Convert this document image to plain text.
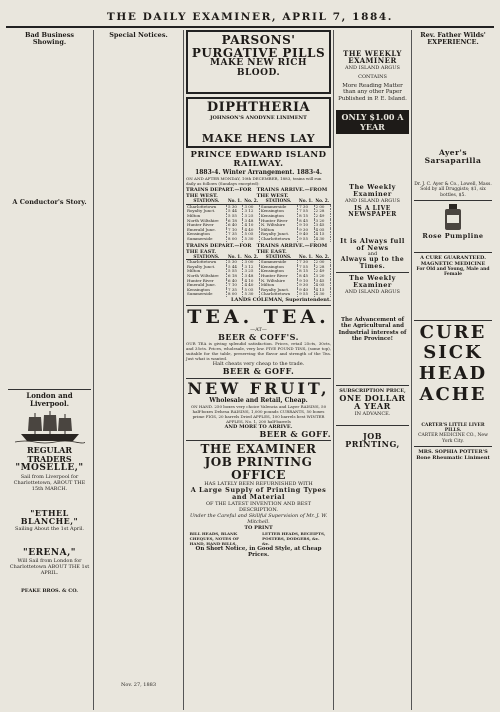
THE DAILY EXAMINER, APRIL 7, 1884.
Bad Business Showing.

A Conductor's Story.

London and Liverpool.
REGULAR TRADERS
"MOSELLE,"
Sail from Liverpool for Charlottetown, ABOUT THE 15th MARCH.

"ETHEL BLANCHE,"
Sailing About the 1st April.

"ERENA,"
Will Sail from London for Charlottetown ABOUT THE 1st APRIL.

PEAKE BROS. & CO.
Special Notices.

Nov. 27, 1883
PARSONS' PURGATIVE PILLS
MAKE NEW RICH BLOOD.

DIPHTHERIA
JOHNSON'S ANODYNE LINIMENT

MAKE HENS LAY
PRINCE EDWARD ISLAND RAILWAY.
1883-4. Winter Arrangement. 1883-4.
ON AND AFTER MONDAY, 10th DECEMBER, 1883, trains will run daily as follows (Sundays excepted):
TRAINS DEPART.—FOR THE WEST.
TRAINS ARRIVE.—FROM THE WEST.
STATIONS.	No. 1.	No. 2.	STATIONS.	No. 1.	No. 2.
Charlottetown	5 30	3 00	Summerside	7 30	2 00
Royalty Junct.	5 44	3 12	Kensington	7 55	2 28
Milton	5 55	3 25	Kensington	8 15	2 49
North Wiltshire	6 18	3 48	Hunter River	8 45	3 20
Hunter River	6 40	4 10	N. Wiltshire	9 10	3 45
Emerald June.	7 10	4 40	Milton	9 30	4 05
Kensington	7 35	5 05	Royalty Junct.	9 40	4 15
Summerside	8 00	5 30	Charlottetown	9 55	4 30
TRAINS DEPART.—FOR THE EAST.
TRAINS ARRIVE.—FROM THE EAST.
STATIONS.	No. 1.	No. 2.	STATIONS.	No. 1.	No. 2.
Charlottetown	5 30	3 00	Summerside	7 30	2 00
Royalty Junct.	5 44	3 12	Kensington	7 55	2 28
Milton	5 55	3 25	Kensington	8 15	2 49
North Wiltshire	6 18	3 48	Hunter River	8 45	3 20
Hunter River	6 40	4 10	N. Wiltshire	9 10	3 45
Emerald June.	7 10	4 40	Milton	9 30	4 05
Kensington	7 35	5 05	Royalty Junct.	9 40	4 15
Summerside	8 00	5 30	Charlottetown	9 55	4 30
LANDS COLEMAN, Superintendent.
TEA. TEA.
—AT—
BEER & COFF'S.
OUR TEA is giving splendid satisfaction. Prices, retail 25cts, 30cts, and 35cts. Prices, wholesale, very low. FIVE POUND TINS, (some top), suitable for the table, preserving the flavor and strength of the Tea. Just what is wanted.
Halt cheats very cheap to the trade.
BEER & GOFF.
NEW FRUIT,
Wholesale and Retail, Cheap.
ON HAND. 250 boxes very choice Valencia and Layer RAISINS, 50 half-boxes Dehesa RAISINS, 1,000 pounds CURRANTS, 50 boxes prime FIGS, 20 barrels Dried APPLES, 100 barrels best WINTER APPLES, No. 1, 200 half-barrels
AND MORE TO ARRIVE.
BEER & GOFF.
THE EXAMINER
JOB PRINTING OFFICE
HAS LATELY BEEN REFURNISHED WITH
A Large Supply of Printing Types and Material
OF THE LATEST INVENTION AND BEST DESCRIPTION.
Under the Careful and Skillful Supervision of Mr. J. W. Mitchell.
TO PRINT
BILL HEADS, BLANK CHEQUES, NOTES OF HAND, HAND BILLS,
LETTER HEADS, RECEIPTS, POSTERS, DODGERS, &c. &c.
On Short Notice, in Good Style, at Cheap Prices.
THE WEEKLY EXAMINER
AND ISLAND ARGUS
CONTAINS
More Reading Matter than any other Paper Published in P. E. Island.
ONLY $1.00 A YEAR

The Weekly Examiner
AND ISLAND ARGUS
IS A LIVE NEWSPAPER

It is Always full of News
and
Always up to the Times.
The Weekly Examiner
AND ISLAND ARGUS

The Advancement of the Agricultural and Industrial interests of the Province!

SUBSCRIPTION PRICE,
ONE DOLLAR A YEAR
IN ADVANCE.
JOB PRINTING,

Rev. Father Wilds' EXPERIENCE.

Ayer's Sarsaparilla

Dr. J. C. Ayer & Co., Lowell, Mass.
Sold by all Druggists; $1, six bottles, $5.
Rose Pumpline

A CURE GUARANTEED. MAGNETIC MEDICINE
For Old and Young, Male and Female

CURE
SICK
HEAD
ACHE

CARTER'S LITTLE LIVER PILLS.
CARTER MEDICINE CO., New York City.
MRS. SOPHIA POTTER'S Bone Rheumatic Liniment
